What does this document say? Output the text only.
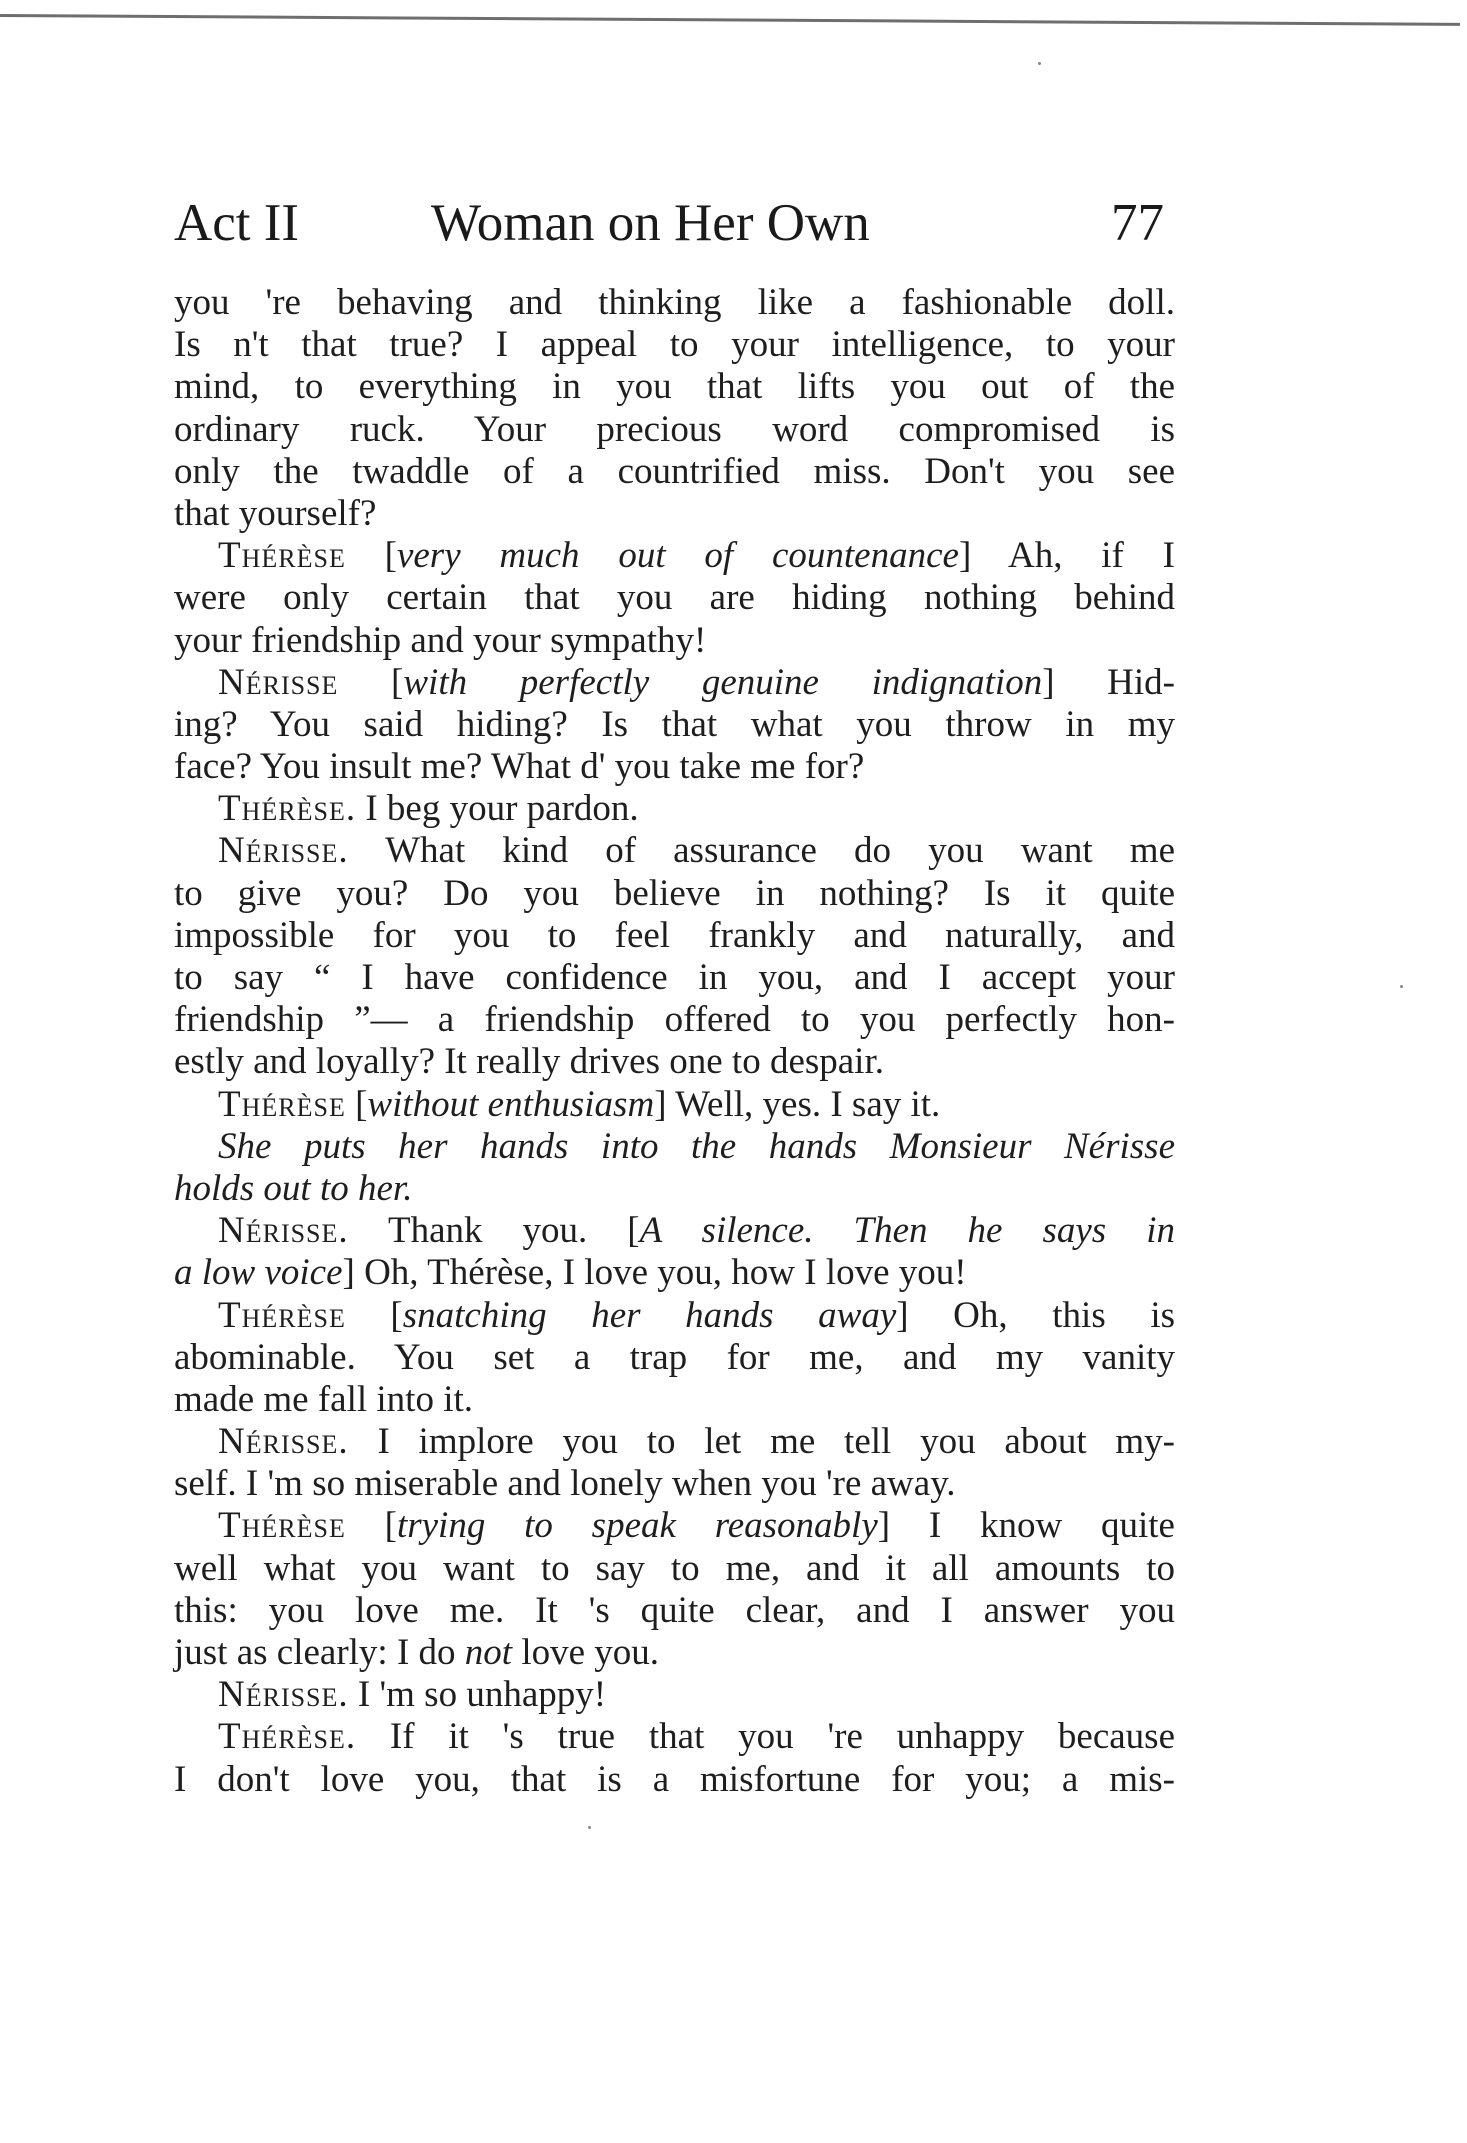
Act II Woman on Her Own	77
you 're behaving and thinking like a fashionable doll.
Is n't that true? I appeal to your intelligence, to your
mind, to everything in you that lifts you out of the
ordinary ruck. Your precious word compromised is
only the twaddle of a countrified miss. Don't you see
that yourself?
Thérèse [very much out of countenance] Ah, if I
were only certain that you are hiding nothing behind
your friendship and your sympathy!
Nérisse [with perfectly genuine indignation] Hid-
ing? You said hiding? Is that what you throw in my
face? You insult me? What d' you take me for?
Thérèse. I beg your pardon.
Nérisse. What kind of assurance do you want me
to give you? Do you believe in nothing? Is it quite
impossible for you to feel frankly and naturally, and
to say “ I have confidence in you, and I accept your
friendship ”— a friendship offered to you perfectly hon-
estly and loyally? It really drives one to despair.
Thérèse [without enthusiasm] Well, yes. I say it.
She puts her hands into the hands Monsieur Nérisse
holds out to her.
Nérisse. Thank you. [A silence. Then he says in
a low voice] Oh, Thérèse, I love you, how I love you!
Thérèse [snatching her hands away] Oh, this is
abominable. You set a trap for me, and my vanity
made me fall into it.
Nérisse. I implore you to let me tell you about my-
self. I 'm so miserable and lonely when you 're away.
Thérèse [trying to speak reasonably] I know quite
well what you want to say to me, and it all amounts to
this: you love me. It 's quite clear, and I answer you
just as clearly: I do not love you.
Nérisse. I 'm so unhappy!
Thérèse. If it 's true that you 're unhappy because
I don't love you, that is a misfortune for you; a mis-
